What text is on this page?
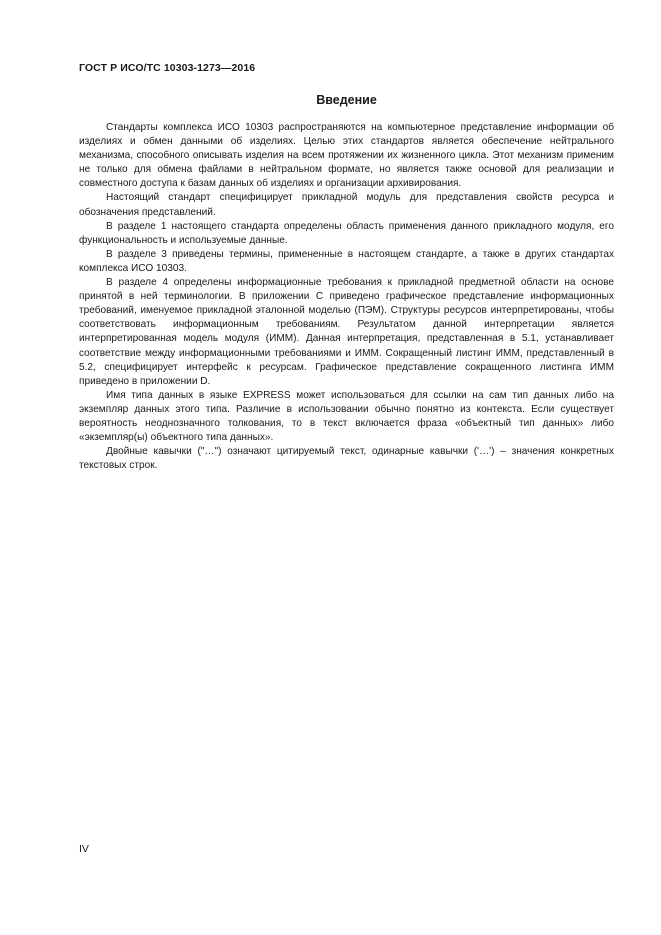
ГОСТ Р ИСО/ТС 10303-1273—2016
Введение

Стандарты комплекса ИСО 10303 распространяются на компьютерное представление информации об изделиях и обмен данными об изделиях. Целью этих стандартов является обеспечение нейтрального механизма, способного описывать изделия на всем протяжении их жизненного цикла. Этот механизм применим не только для обмена файлами в нейтральном формате, но является также основой для реализации и совместного доступа к базам данных об изделиях и организации архивирования.

Настоящий стандарт специфицирует прикладной модуль для представления свойств ресурса и обозначения представлений.

В разделе 1 настоящего стандарта определены область применения данного прикладного модуля, его функциональность и используемые данные.

В разделе 3 приведены термины, примененные в настоящем стандарте, а также в других стандартах комплекса ИСО 10303.

В разделе 4 определены информационные требования к прикладной предметной области на основе принятой в ней терминологии. В приложении С приведено графическое представление информационных требований, именуемое прикладной эталонной моделью (ПЭМ). Структуры ресурсов интерпретированы, чтобы соответствовать информационным требованиям. Результатом данной интерпретации является интерпретированная модель модуля (ИММ). Данная интерпретация, представленная в 5.1, устанавливает соответствие между информационными требованиями и ИММ. Сокращенный листинг ИММ, представленный в 5.2, специфицирует интерфейс к ресурсам. Графическое представление сокращенного листинга ИММ приведено в приложении D.

Имя типа данных в языке EXPRESS может использоваться для ссылки на сам тип данных либо на экземпляр данных этого типа. Различие в использовании обычно понятно из контекста. Если существует вероятность неоднозначного толкования, то в текст включается фраза «объектный тип данных» либо «экземпляр(ы) объектного типа данных».

Двойные кавычки ("…") означают цитируемый текст, одинарные кавычки ('…') – значения конкретных текстовых строк.

IV
